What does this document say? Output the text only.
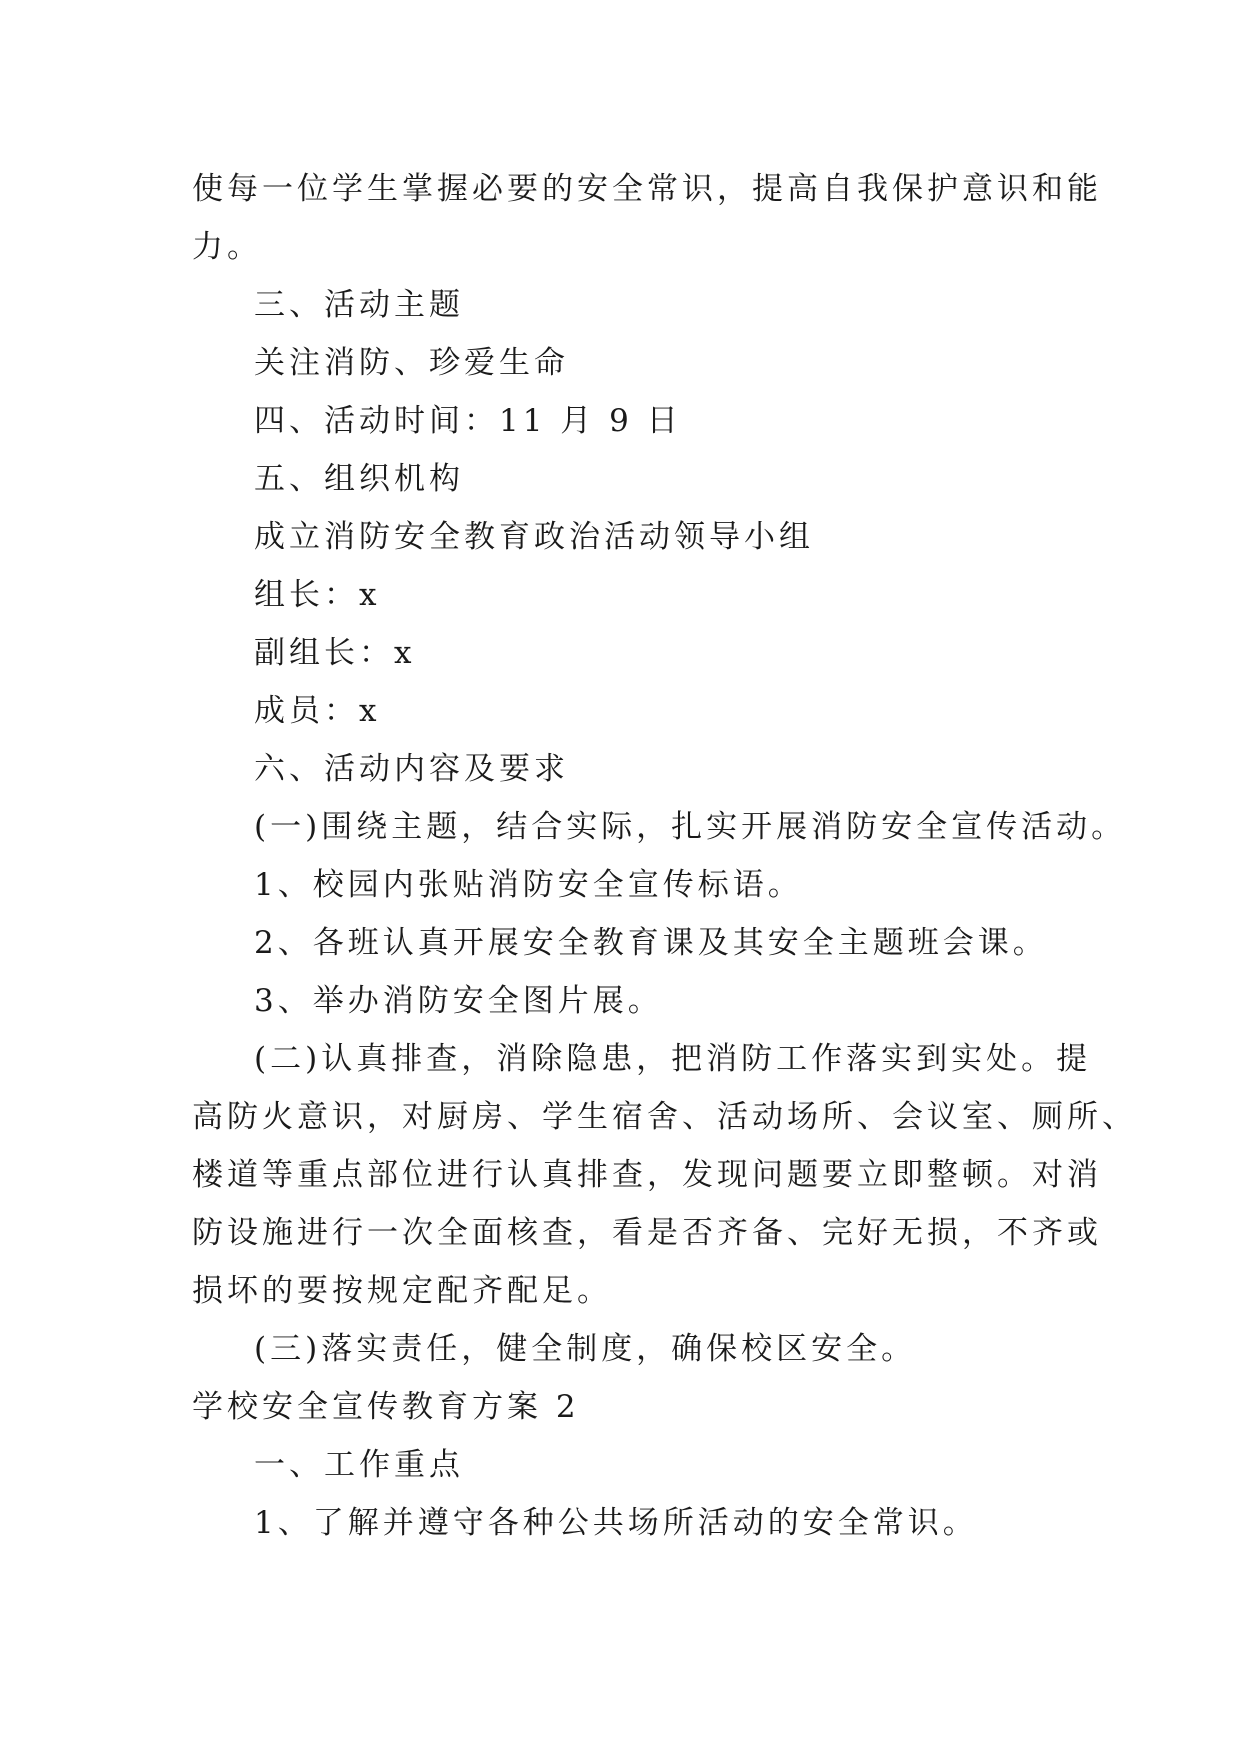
使每一位学生掌握必要的安全常识，提高自我保护意识和能
力。
三、活动主题
关注消防、珍爱生命
四、活动时间：11 月 9 日
五、组织机构
成立消防安全教育政治活动领导小组
组长：x
副组长：x
成员：x
六、活动内容及要求
(一)围绕主题，结合实际，扎实开展消防安全宣传活动。
1、校园内张贴消防安全宣传标语。
2、各班认真开展安全教育课及其安全主题班会课。
3、举办消防安全图片展。
(二)认真排查，消除隐患，把消防工作落实到实处。提
高防火意识，对厨房、学生宿舍、活动场所、会议室、厕所、
楼道等重点部位进行认真排查，发现问题要立即整顿。对消
防设施进行一次全面核查，看是否齐备、完好无损，不齐或
损坏的要按规定配齐配足。
(三)落实责任，健全制度，确保校区安全。
学校安全宣传教育方案 2
一、工作重点
1、了解并遵守各种公共场所活动的安全常识。
